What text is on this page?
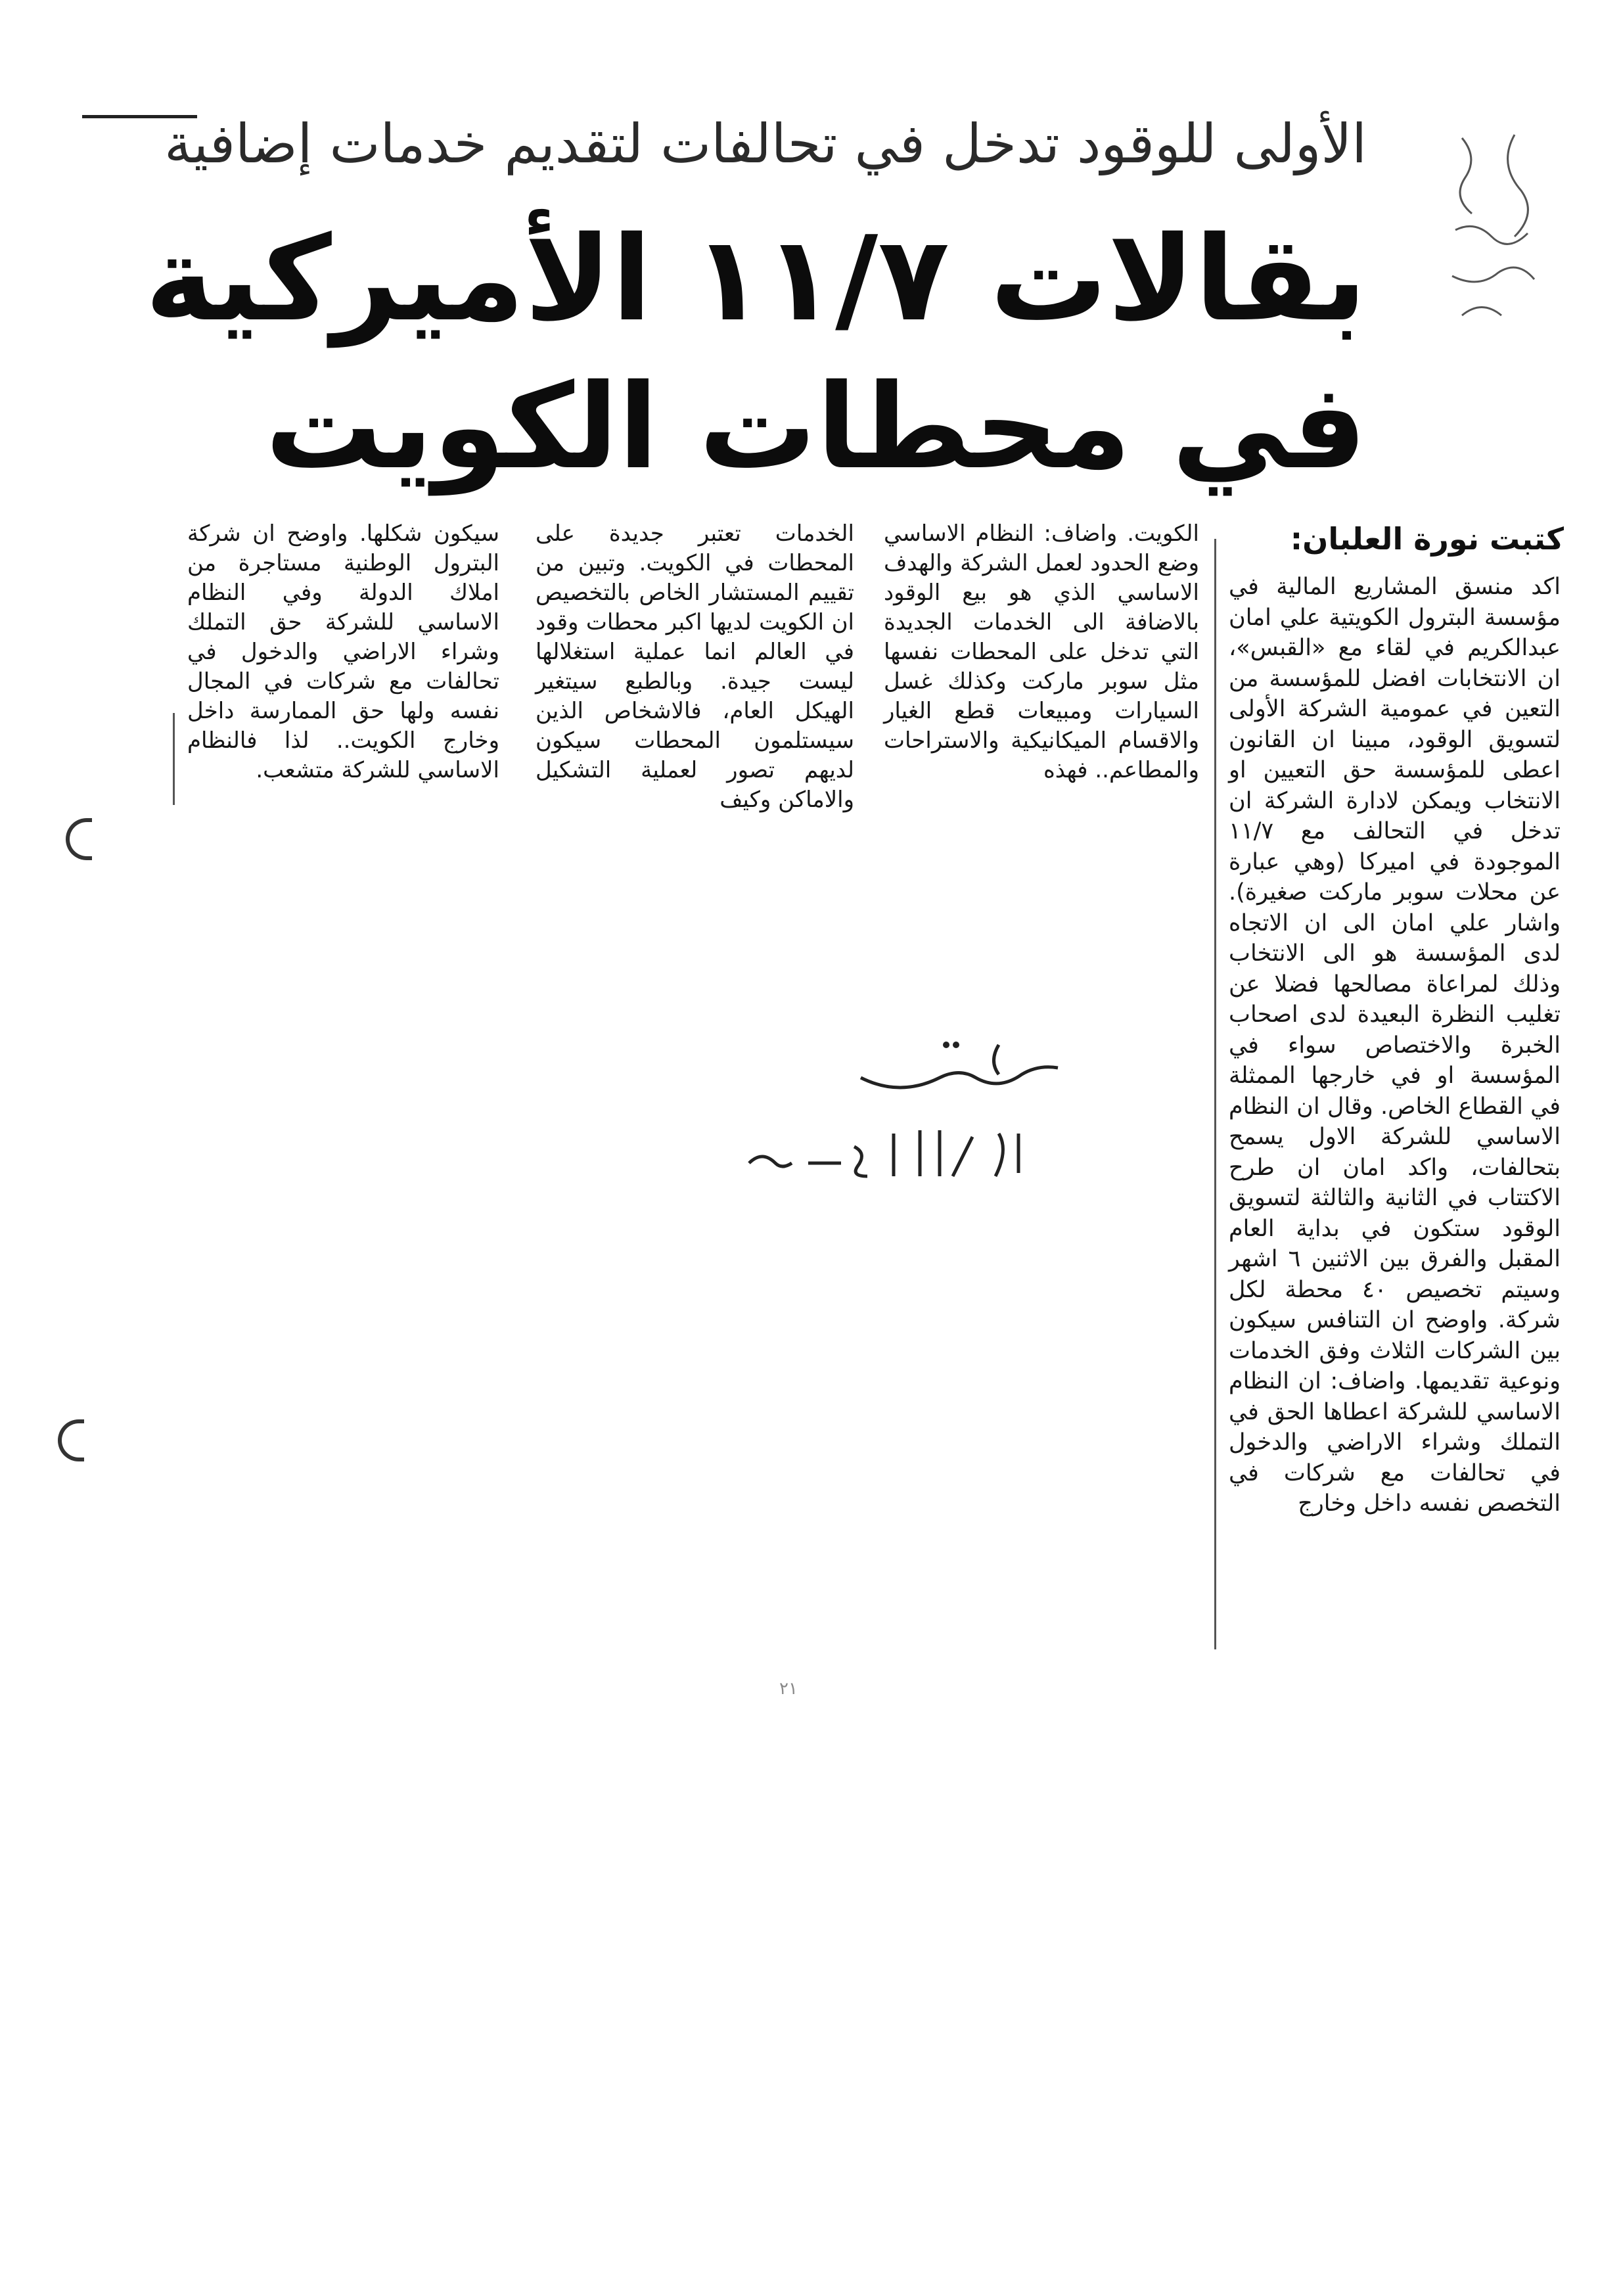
الأولى للوقود تدخل في تحالفات لتقديم خدمات إضافية
بقالات ١١/٧ الأميركية
في محطات الكويت
كتبت نورة العلبان:

اكد منسق المشاريع المالية في مؤسسة البترول الكويتية علي امان عبدالكريم في لقاء مع «القبس»، ان الانتخابات افضل للمؤسسة من التعين في عمومية الشركة الأولى لتسويق الوقود، مبينا ان القانون اعطى للمؤسسة حق التعيين او الانتخاب ويمكن لادارة الشركة ان تدخل في التحالف مع ١١/٧ الموجودة في اميركا (وهي عبارة عن محلات سوبر ماركت صغيرة). واشار علي امان الى ان الاتجاه لدى المؤسسة هو الى الانتخاب وذلك لمراعاة مصالحها فضلا عن تغليب النظرة البعيدة لدى اصحاب الخبرة والاختصاص سواء في المؤسسة او في خارجها الممثلة في القطاع الخاص. وقال ان النظام الاساسي للشركة الاول يسمح بتحالفات، واكد امان ان طرح الاكتتاب في الثانية والثالثة لتسويق الوقود ستكون في بداية العام المقبل والفرق بين الاثنين ٦ اشهر وسيتم تخصيص ٤٠ محطة لكل شركة. واوضح ان التنافس سيكون بين الشركات الثلاث وفق الخدمات ونوعية تقديمها. واضاف: ان النظام الاساسي للشركة اعطاها الحق في التملك وشراء الاراضي والدخول في تحالفات مع شركات في التخصص نفسه داخل وخارج

الكويت. واضاف: النظام الاساسي وضع الحدود لعمل الشركة والهدف الاساسي الذي هو بيع الوقود بالاضافة الى الخدمات الجديدة التي تدخل على المحطات نفسها مثل سوبر ماركت وكذلك غسل السيارات ومبيعات قطع الغيار والاقسام الميكانيكية والاستراحات والمطاعم.. فهذه

الخدمات تعتبر جديدة على المحطات في الكويت. وتبين من تقييم المستشار الخاص بالتخصيص ان الكويت لديها اكبر محطات وقود في العالم انما عملية استغلالها ليست جيدة. وبالطبع سيتغير الهيكل العام، فالاشخاص الذين سيستلمون المحطات سيكون لديهم تصور لعملية التشكيل والاماكن وكيف

سيكون شكلها. واوضح ان شركة البترول الوطنية مستاجرة من املاك الدولة وفي النظام الاساسي للشركة حق التملك وشراء الاراضي والدخول في تحالفات مع شركات في المجال نفسه ولها حق الممارسة داخل وخارج الكويت.. لذا فالنظام الاساسي للشركة متشعب.

٢١
